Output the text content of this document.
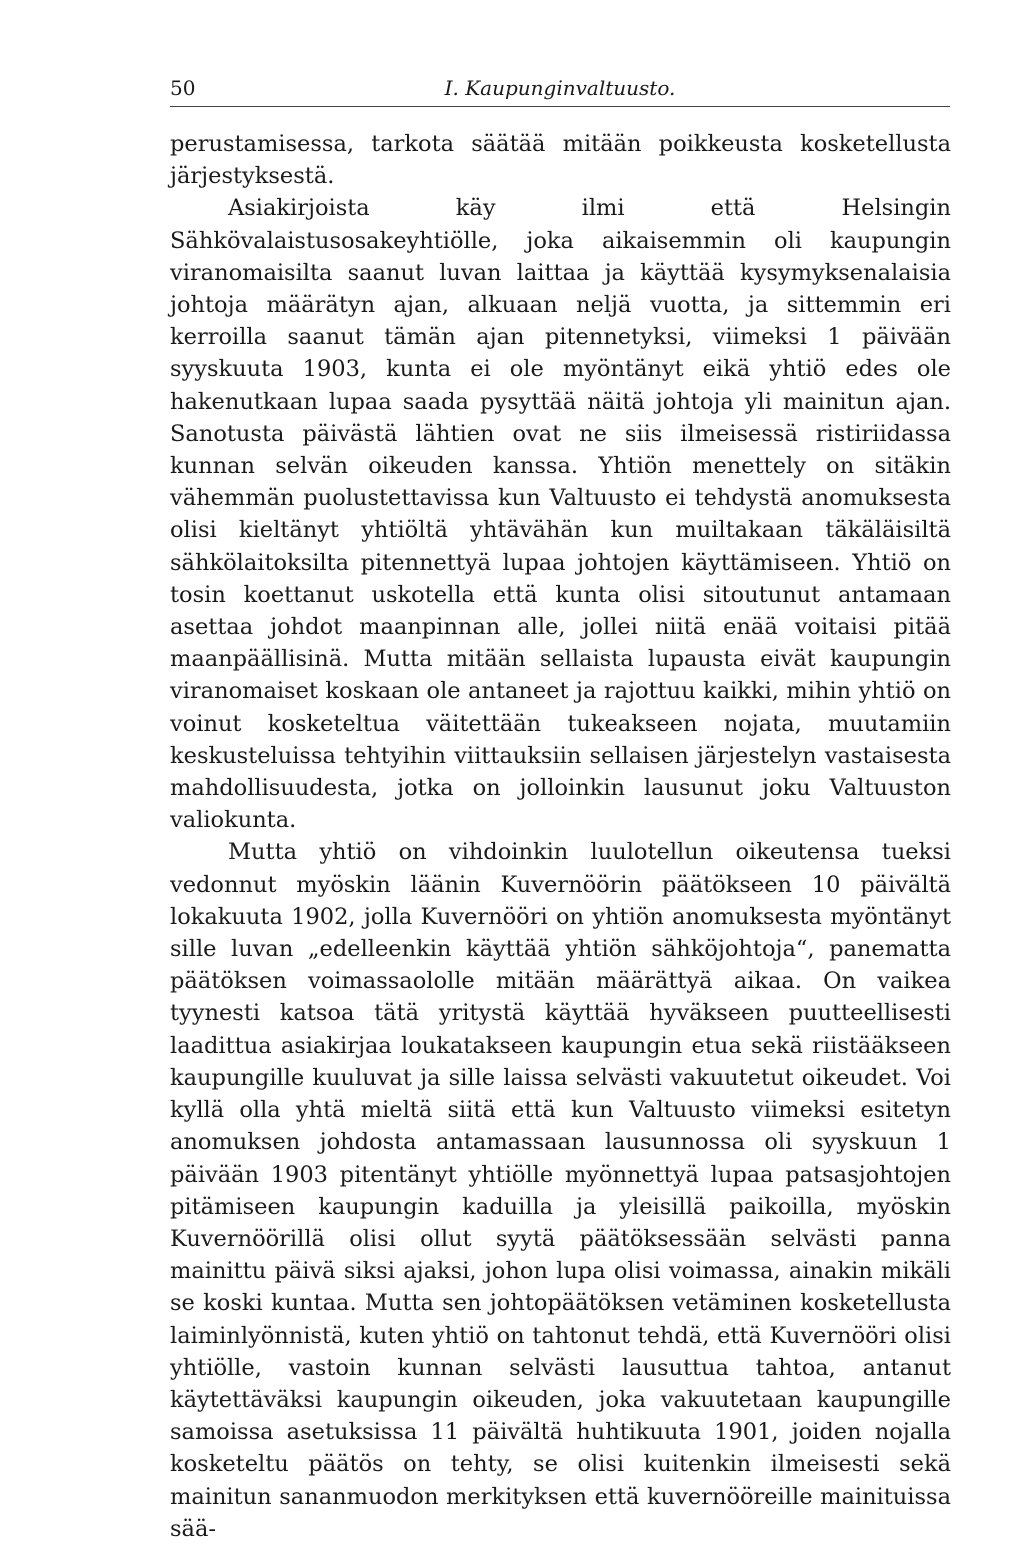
50	I. Kaupunginvaltuusto.

perustamisessa, tarkota säätää mitään poikkeusta kosketellusta järjestyksestä.

Asiakirjoista käy ilmi että Helsingin Sähkövalaistusosakeyhtiölle, joka aikaisemmin oli kaupungin viranomaisilta saanut luvan laittaa ja käyttää kysymyksenalaisia johtoja määrätyn ajan, alkuaan neljä vuotta, ja sittemmin eri kerroilla saanut tämän ajan pitennetyksi, viimeksi 1 päivään syyskuuta 1903, kunta ei ole myöntänyt eikä yhtiö edes ole hakenutkaan lupaa saada pysyttää näitä johtoja yli mainitun ajan. Sanotusta päivästä lähtien ovat ne siis ilmeisessä ristiriidassa kunnan selvän oikeuden kanssa. Yhtiön menettely on sitäkin vähemmän puolustettavissa kun Valtuusto ei tehdystä anomuksesta olisi kieltänyt yhtiöltä yhtävähän kun muiltakaan täkäläisiltä sähkölaitoksilta pitennettyä lupaa johtojen käyttämiseen. Yhtiö on tosin koettanut uskotella että kunta olisi sitoutunut antamaan asettaa johdot maanpinnan alle, jollei niitä enää voitaisi pitää maanpäällisinä. Mutta mitään sellaista lupausta eivät kaupungin viranomaiset koskaan ole antaneet ja rajottuu kaikki, mihin yhtiö on voinut kosketeltua väitettään tukeakseen nojata, muutamiin keskusteluissa tehtyihin viittauksiin sellaisen järjestelyn vastaisesta mahdollisuudesta, jotka on jolloinkin lausunut joku Valtuuston valiokunta.

Mutta yhtiö on vihdoinkin luulotellun oikeutensa tueksi vedonnut myöskin läänin Kuvernöörin päätökseen 10 päivältä lokakuuta 1902, jolla Kuvernööri on yhtiön anomuksesta myöntänyt sille luvan „edelleenkin käyttää yhtiön sähköjohtoja“, panematta päätöksen voimassaololle mitään määrättyä aikaa. On vaikea tyynesti katsoa tätä yritystä käyttää hyväkseen puutteellisesti laadittua asiakirjaa loukatakseen kaupungin etua sekä riistääkseen kaupungille kuuluvat ja sille laissa selvästi vakuutetut oikeudet. Voi kyllä olla yhtä mieltä siitä että kun Valtuusto viimeksi esitetyn anomuksen johdosta antamassaan lausunnossa oli syyskuun 1 päivään 1903 pitentänyt yhtiölle myönnettyä lupaa patsasjohtojen pitämiseen kaupungin kaduilla ja yleisillä paikoilla, myöskin Kuvernöörillä olisi ollut syytä päätöksessään selvästi panna mainittu päivä siksi ajaksi, johon lupa olisi voimassa, ainakin mikäli se koski kuntaa. Mutta sen johtopäätöksen vetäminen kosketellusta laiminlyönnistä, kuten yhtiö on tahtonut tehdä, että Kuvernööri olisi yhtiölle, vastoin kunnan selvästi lausuttua tahtoa, antanut käytettäväksi kaupungin oikeuden, joka vakuutetaan kaupungille samoissa asetuksissa 11 päivältä huhtikuuta 1901, joiden nojalla kosketeltu päätös on tehty, se olisi kuitenkin ilmeisesti sekä mainitun sananmuodon merkityksen että kuvernööreille mainituissa sää-
